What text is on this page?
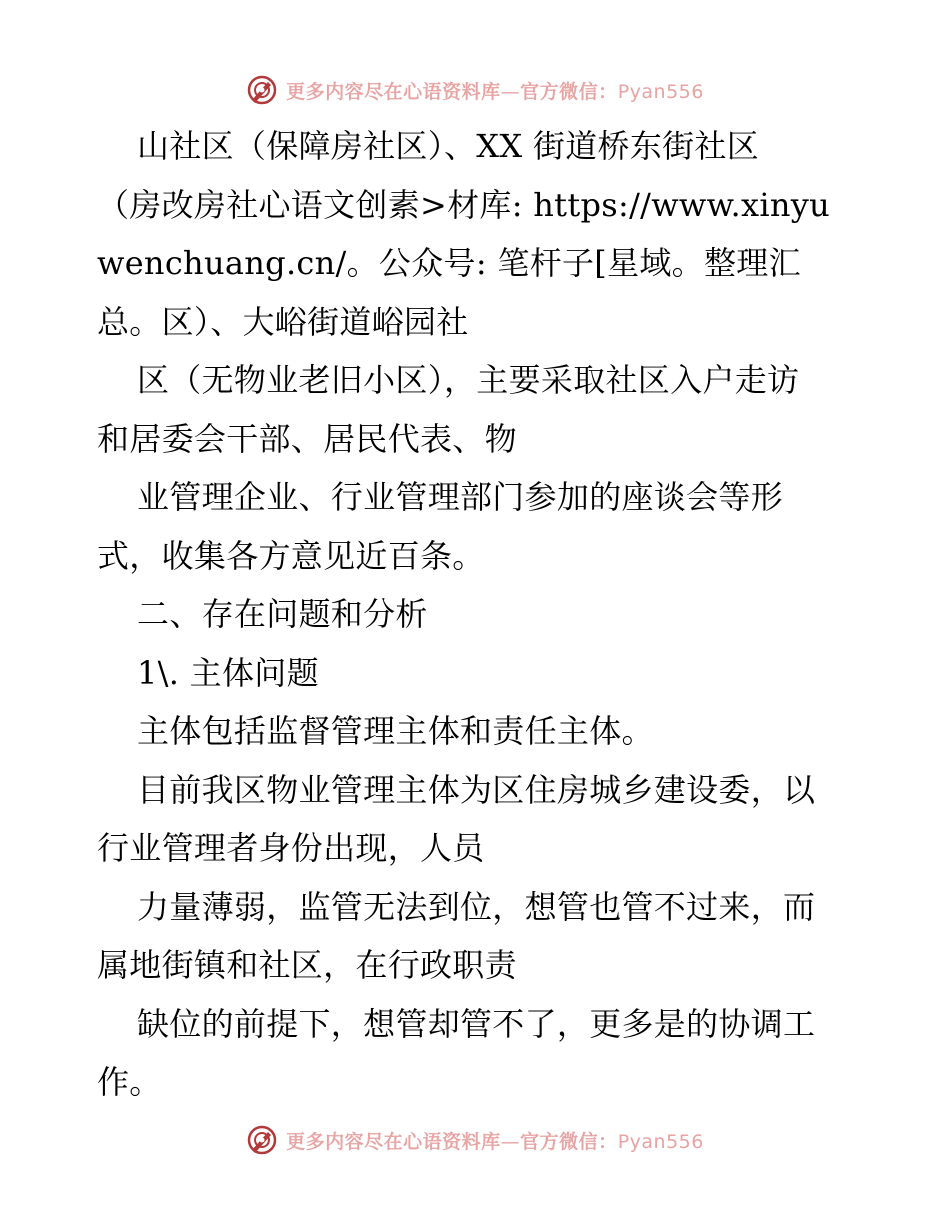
更多内容尽在心语资料库—官方微信：Pyan556
山社区（保障房社区）、XX 街道桥东街社区
（房改房社心语文创素>材库: https://www.xinyu
wenchuang.cn/。公众号: 笔杆子[星域。整理汇
总。区）、大峪街道峪园社
区（无物业老旧小区），主要采取社区入户走访
和居委会干部、居民代表、物
业管理企业、行业管理部门参加的座谈会等形
式，收集各方意见近百条。
二、存在问题和分析
1\. 主体问题
主体包括监督管理主体和责任主体。
目前我区物业管理主体为区住房城乡建设委，以
行业管理者身份出现，人员
力量薄弱，监管无法到位，想管也管不过来，而
属地街镇和社区，在行政职责
缺位的前提下，想管却管不了，更多是的协调工
作。
更多内容尽在心语资料库—官方微信：Pyan556
